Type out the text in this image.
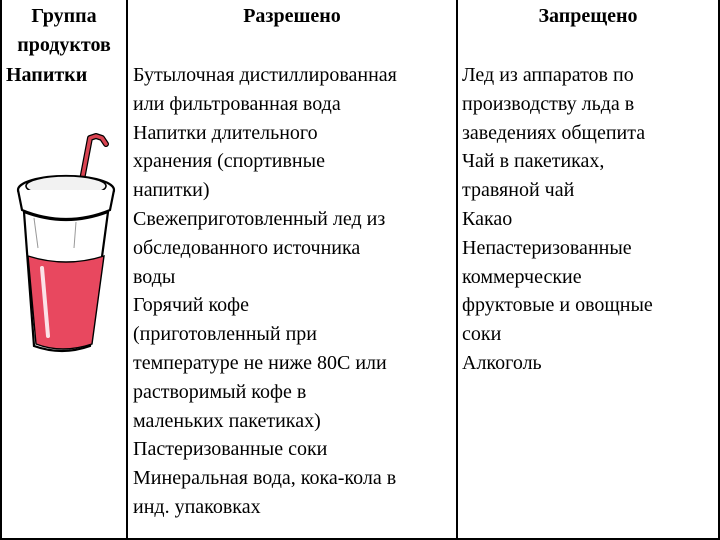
Группа
продуктов
Разрешено	Запрещено
Напитки	Бутылочная дистиллированная
или фильтрованная вода
Напитки длительного
хранения (спортивные
напитки)
Свежеприготовленный лед из
обследованного источника
воды
Горячий кофе
(приготовленный при
температуре не ниже 80С или
растворимый кофе в
маленьких пакетиках)
Пастеризованные соки
Минеральная вода, кока-кола в
инд. упаковках
Лед из аппаратов по
производству льда в
заведениях общепита
Чай в пакетиках,
травяной чай
Какао
Непастеризованные
коммерческие
фруктовые и овощные
соки
Алкоголь
